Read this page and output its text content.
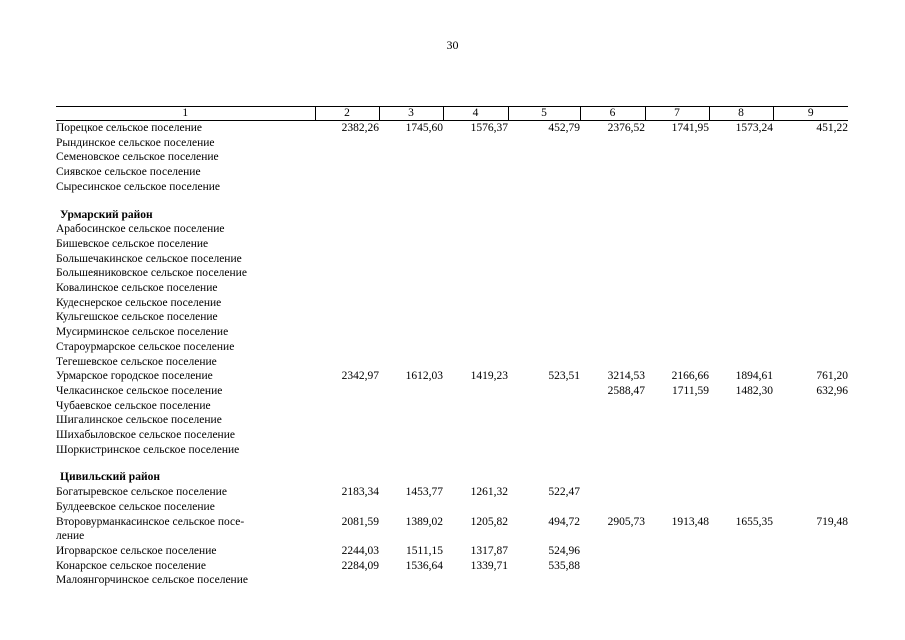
30
1	2	3	4	5	6	7	8	9
Порецкое сельское поселение	2382,26	1745,60	1576,37	452,79	2376,52	1741,95	1573,24	451,22
Рындинское сельское поселение								
Семеновское сельское поселение								
Сиявское сельское поселение								
Сыресинское сельское поселение								

Урмарский район								
Арабосинское сельское поселение								
Бишевское сельское поселение								
Большечакинское сельское поселение								
Большеяниковское сельское поселение								
Ковалинское сельское поселение								
Кудеснерское сельское поселение								
Кульгешское сельское поселение								
Мусирминское сельское поселение								
Староурмарское сельское поселение								
Тегешевское сельское поселение								
Урмарское городское поселение	2342,97	1612,03	1419,23	523,51	3214,53	2166,66	1894,61	761,20
Челкасинское сельское поселение					2588,47	1711,59	1482,30	632,96
Чубаевское сельское поселение								
Шигалинское сельское поселение								
Шихабыловское сельское поселение								
Шоркистринское сельское поселение								

Цивильский район								
Богатыревское сельское поселение	2183,34	1453,77	1261,32	522,47				
Булдеевское сельское поселение								
Второвурманкасинское сельское посе-	2081,59	1389,02	1205,82	494,72	2905,73	1913,48	1655,35	719,48
ление								
Игорварское сельское поселение	2244,03	1511,15	1317,87	524,96				
Конарское сельское поселение	2284,09	1536,64	1339,71	535,88				
Малоянгорчинское сельское поселение								
